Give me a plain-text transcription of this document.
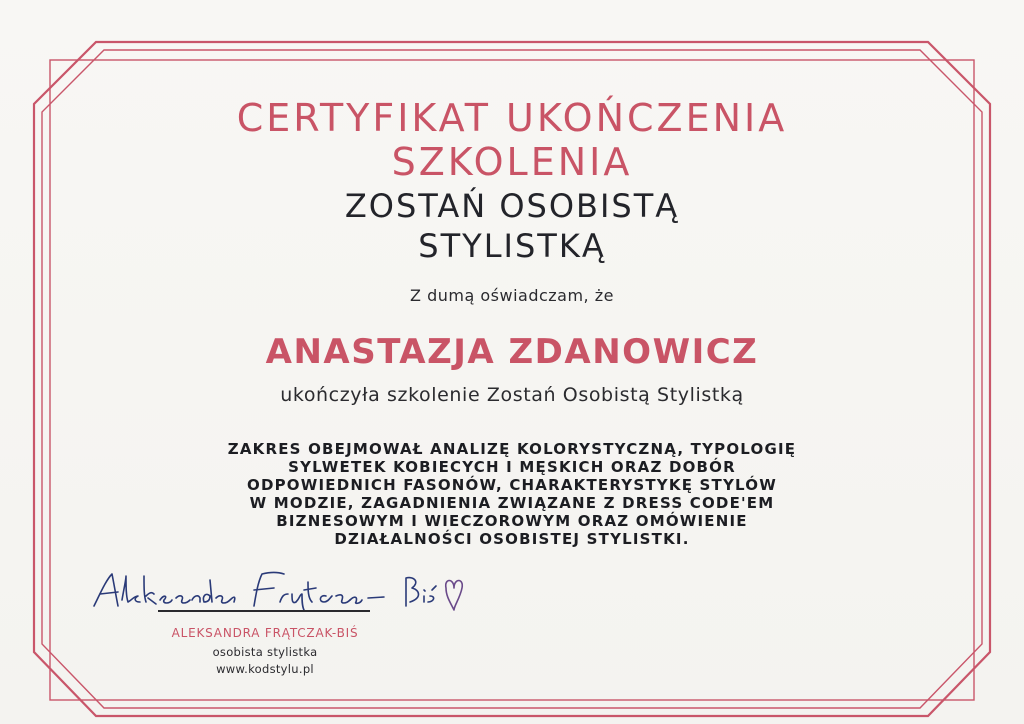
CERTYFIKAT UKOŃCZENIA
SZKOLENIA

ZOSTAŃ OSOBISTĄ
STYLISTKĄ

Z dumą oświadczam, że

ANASTAZJA ZDANOWICZ

ukończyła szkolenie Zostań Osobistą Stylistką

ZAKRES OBEJMOWAŁ ANALIZĘ KOLORYSTYCZNĄ, TYPOLOGIĘ
SYLWETEK KOBIECYCH I MĘSKICH ORAZ DOBÓR
ODPOWIEDNICH FASONÓW, CHARAKTERYSTYKĘ STYLÓW
W MODZIE, ZAGADNIENIA ZWIĄZANE Z DRESS CODE'EM
BIZNESOWYM I WIECZOROWYM ORAZ OMÓWIENIE
DZIAŁALNOŚCI OSOBISTEJ STYLISTKI.

ALEKSANDRA FRĄTCZAK-BIŚ

osobista stylistka

www.kodstylu.pl
